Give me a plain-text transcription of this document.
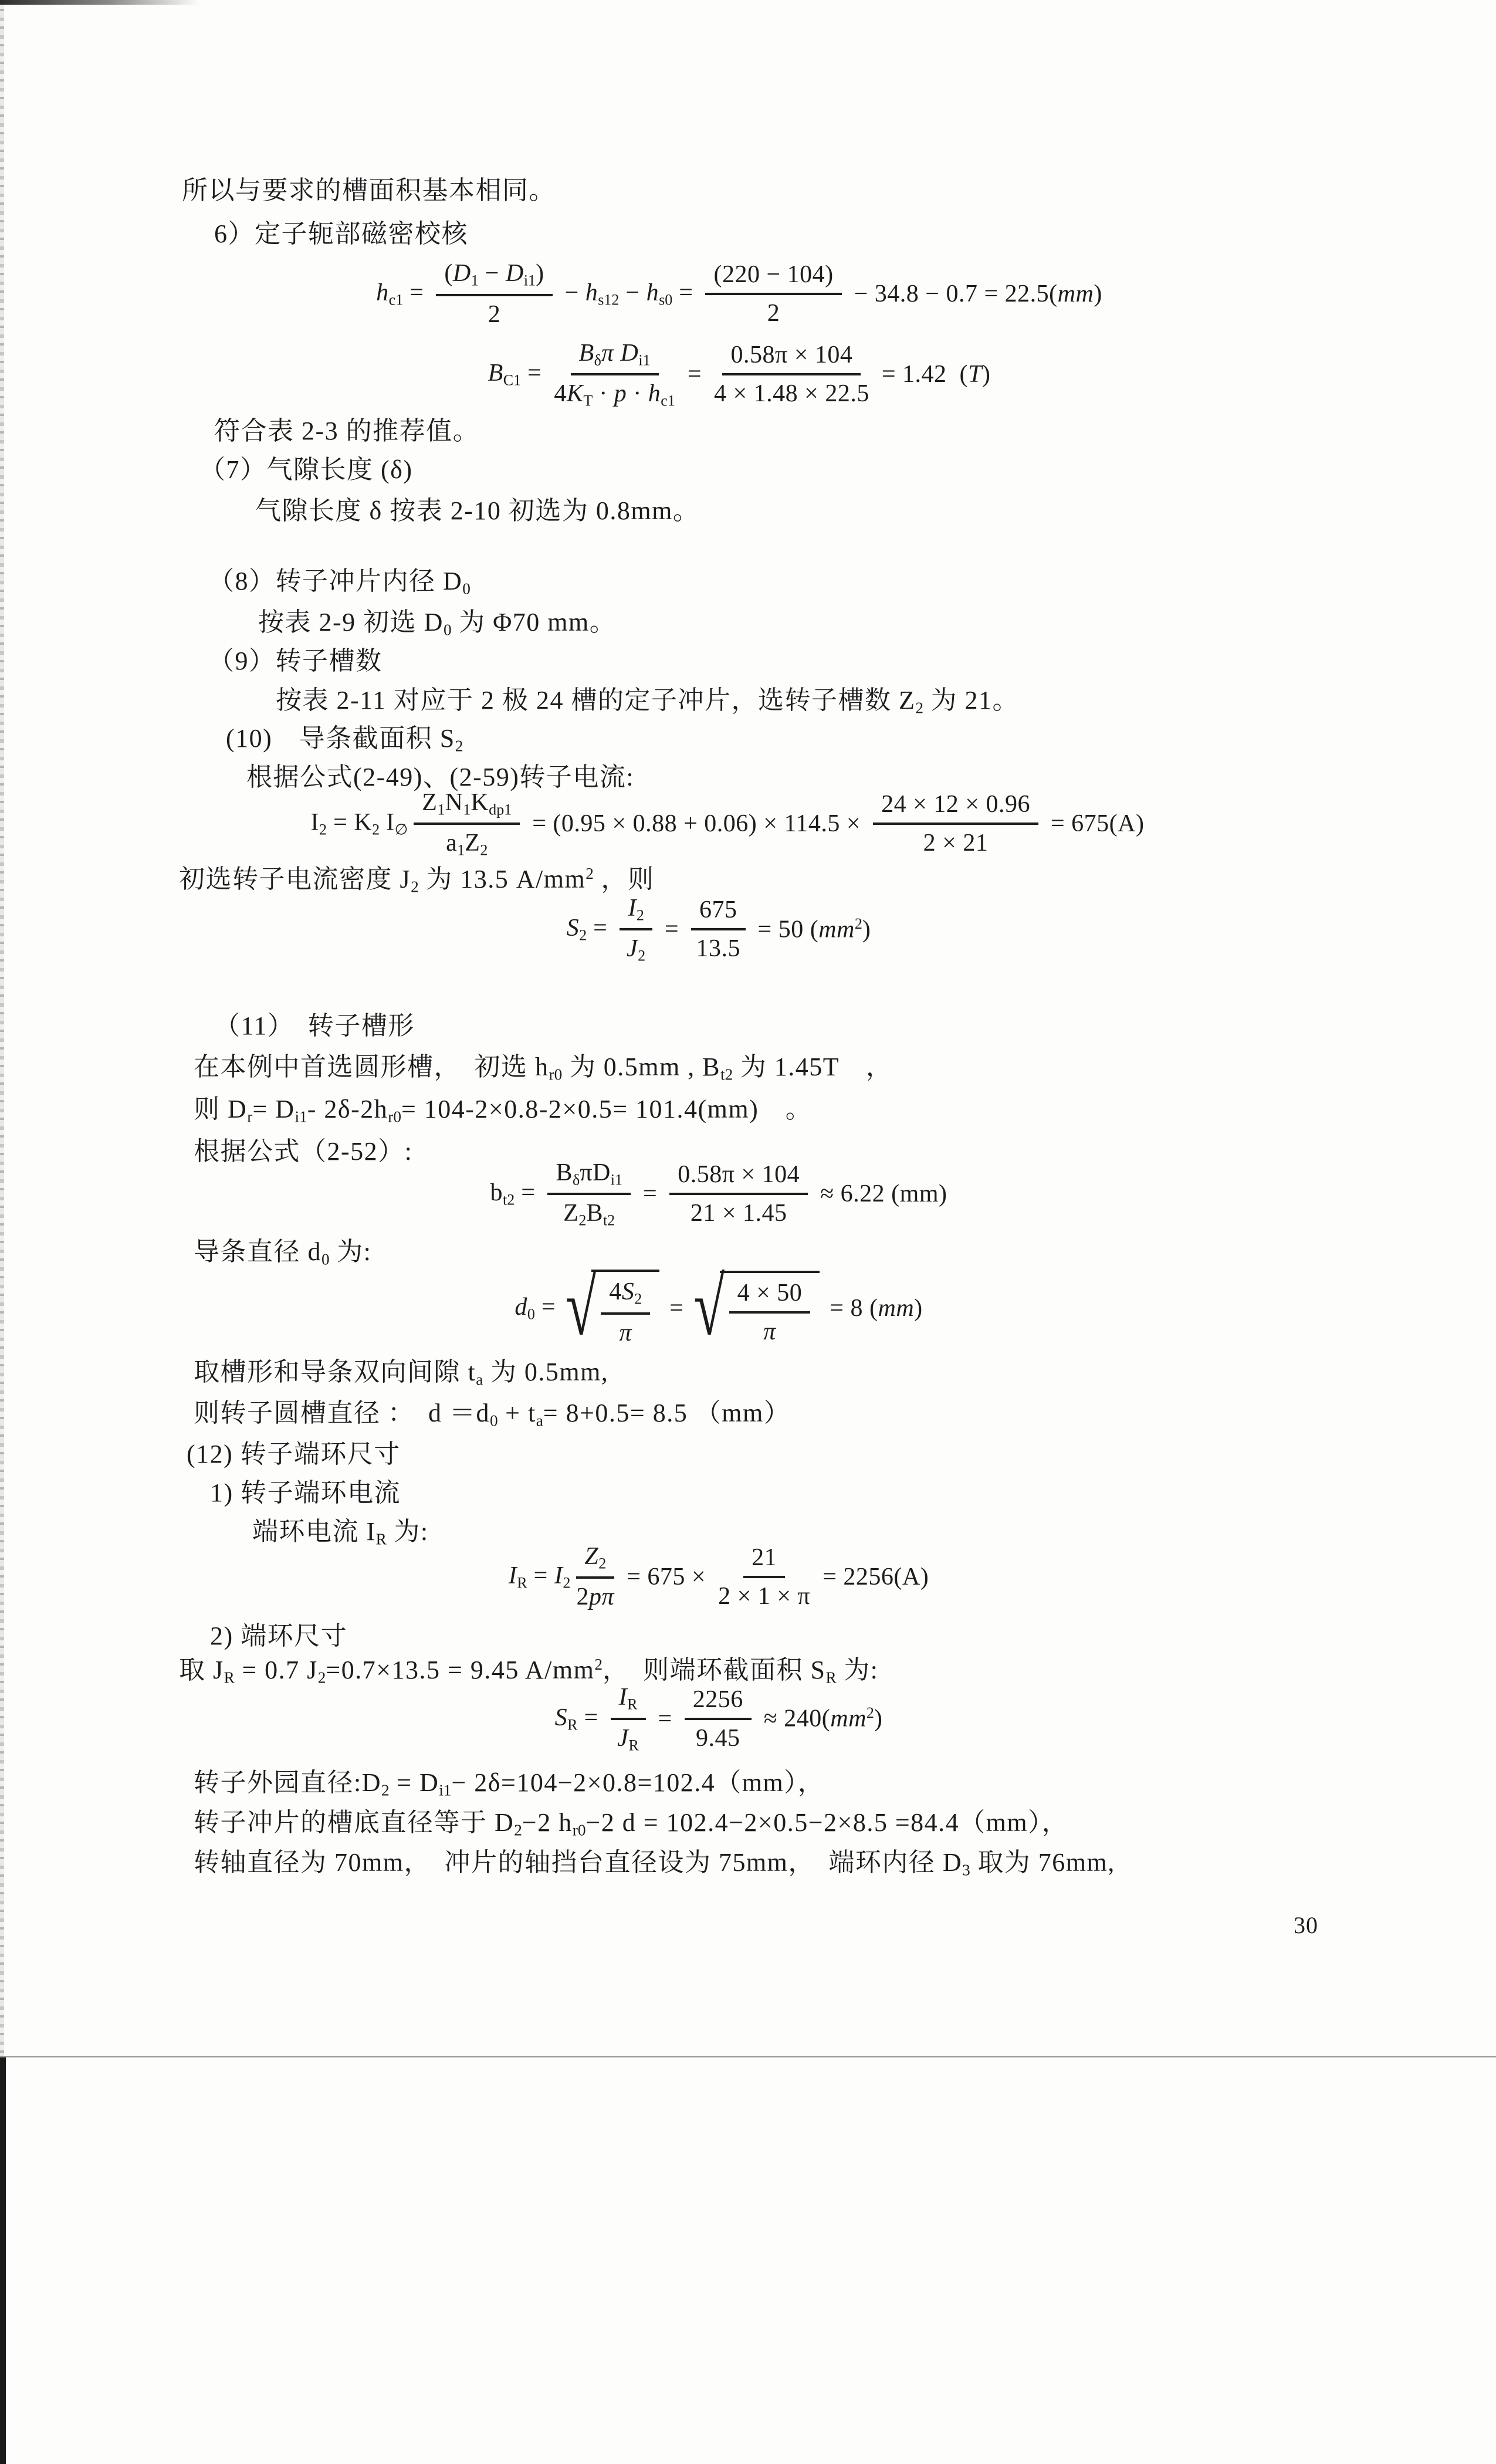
所以与要求的槽面积基本相同。
6）定子轭部磁密校核
$h_{c1} = \frac{(D_1 - D_{i1})}{2} - h_{s12} - h_{s0} = \frac{(220 - 104)}{2} - 34.8 - 0.7 = 22.5(mm)$
$B_{C1} = \frac{B_\delta\pi D_{i1}}{4K_T \cdot p \cdot h_{c1}} = \frac{0.58\pi \times 104}{4 \times 1.48 \times 22.5} = 1.42$  (T)
符合表 2-3 的推荐值。
（7）气隙长度 (δ)
气隙长度 δ 按表 2-10 初选为 0.8mm。
（8）转子冲片内径 $D_0$
按表 2-9 初选 $D_0$ 为 Φ70 mm。
（9）转子槽数
按表 2-11 对应于 2 极 24 槽的定子冲片，选转子槽数 $Z_2$ 为 21。
(10)　导条截面积 $S_2$
根据公式(2-49)、(2-59)转子电流:
$I_2 = K_2$ $I_\emptyset \frac{Z_1N_1K_{dp1}}{a_1Z_2} = (0.95 \times 0.88 + 0.06) \times 114.5 \times \frac{24 \times 12 \times 0.96}{2 \times 21} = 675(A)$
初选转子电流密度 $J_2$ 为 13.5 $A/mm^2$ ，则
$S_2 = \frac{I_2}{J_2} = \frac{675}{13.5} = 50$ $(mm^2)$
（11）　转子槽形
在本例中首选圆形槽，　初选 $h_{r0}$ 为 0.5mm , $B_{t2}$ 为 1.45T　，
则 $D_r= D_{i1}-$ $2\delta-2h_{r0}= 104-2\times 0.8-2\times 0.5= 101.4(mm)$　。
根据公式（2-52）:
$b_{t2} = \frac{B_\delta\pi D_{i1}}{Z_2B_{t2}} = \frac{0.58\pi \times 104}{21 \times 1.45} \approx 6.22$ (mm)
导条直径 $d_0$ 为:
$d_0$ = √ $\frac{4S_2}{\pi}$ = √ $\frac{4 \times 50}{\pi} = 8$ (mm)
取槽形和导条双向间隙 $t_a$ 为 0.5mm,
则转子圆槽直径 ：　$d =d_0 + t_a= 8+0.5= 8.5$ （mm）
(12) 转子端环尺寸
1) 转子端环电流
端环电流 $I_R$ 为:
$I_R = I_2 \frac{Z_2}{2p\pi} = 675 \times \frac{21}{2 \times 1 \times \pi} = 2256(A)$
2) 端环尺寸
取 $J_R = 0.7$ $J_2=0.7\times 13.5 = 9.45$ $A/mm^2$，　则端环截面积 $S_R$ 为:
$S_R = \frac{I_R}{J_R} = \frac{2256}{9.45} \approx 240(mm^2)$
转子外园直径$:D_2 = D_{i1}- 2\delta=104-2\times 0.8=102.4(mm)$，
转子冲片的槽底直径等于 $D_2-2$ $h_{r0}-2$ d = 102.4−2×0.5−2×8.5 =84.4（mm），
转轴直径为 70mm，　冲片的轴挡台直径设为 75mm，　端环内径 $D_3$ 取为 76mm,
30
